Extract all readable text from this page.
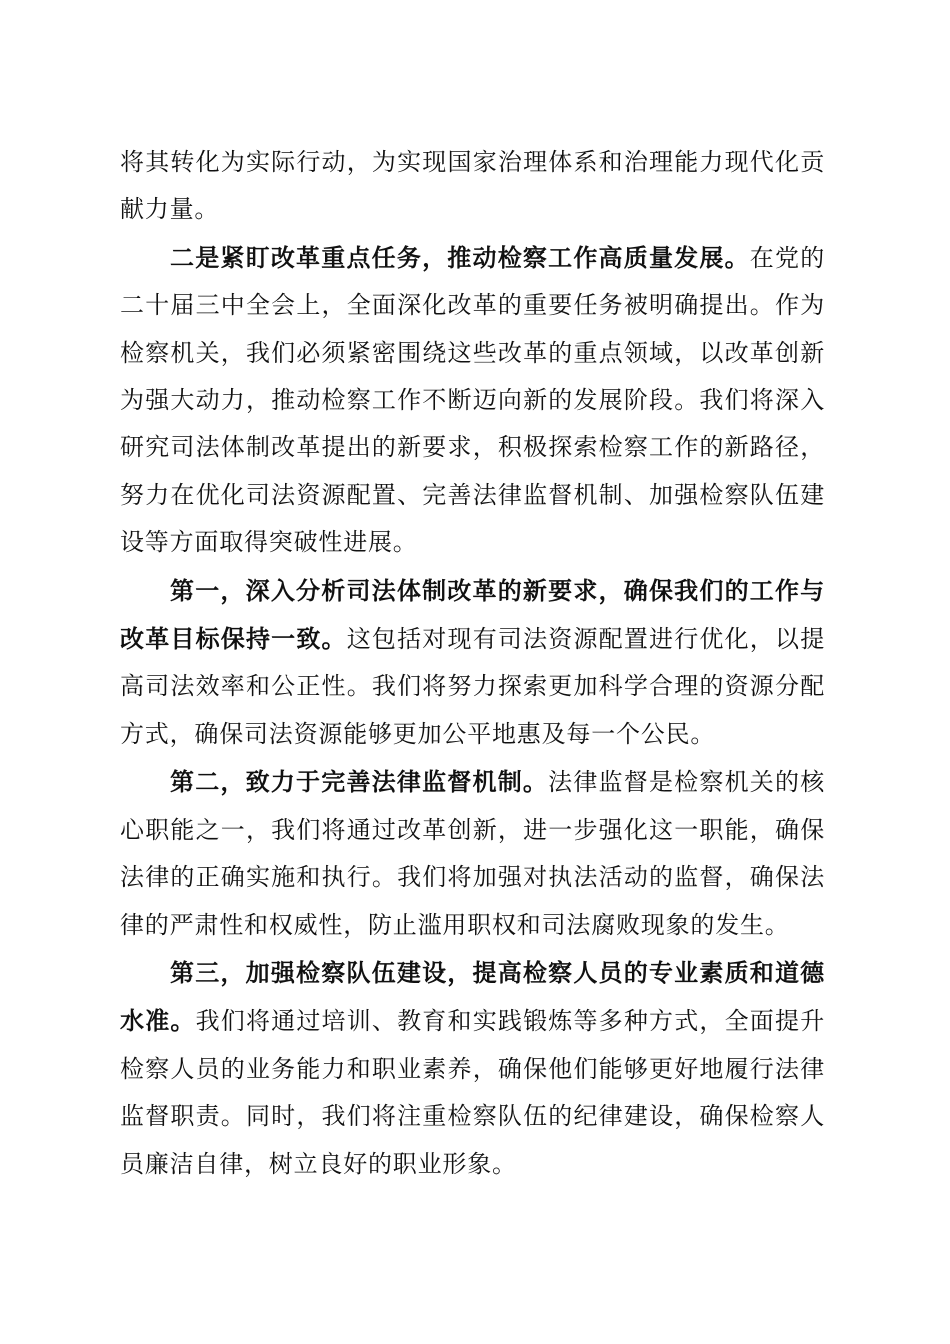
将其转化为实际行动，为实现国家治理体系和治理能力现代化贡献力量。

二是紧盯改革重点任务，推动检察工作高质量发展。在党的二十届三中全会上，全面深化改革的重要任务被明确提出。作为检察机关，我们必须紧密围绕这些改革的重点领域，以改革创新为强大动力，推动检察工作不断迈向新的发展阶段。我们将深入研究司法体制改革提出的新要求，积极探索检察工作的新路径，努力在优化司法资源配置、完善法律监督机制、加强检察队伍建设等方面取得突破性进展。

第一，深入分析司法体制改革的新要求，确保我们的工作与改革目标保持一致。这包括对现有司法资源配置进行优化，以提高司法效率和公正性。我们将努力探索更加科学合理的资源分配方式，确保司法资源能够更加公平地惠及每一个公民。

第二，致力于完善法律监督机制。法律监督是检察机关的核心职能之一，我们将通过改革创新，进一步强化这一职能，确保法律的正确实施和执行。我们将加强对执法活动的监督，确保法律的严肃性和权威性，防止滥用职权和司法腐败现象的发生。

第三，加强检察队伍建设，提高检察人员的专业素质和道德水准。我们将通过培训、教育和实践锻炼等多种方式，全面提升检察人员的业务能力和职业素养，确保他们能够更好地履行法律监督职责。同时，我们将注重检察队伍的纪律建设，确保检察人员廉洁自律，树立良好的职业形象。
